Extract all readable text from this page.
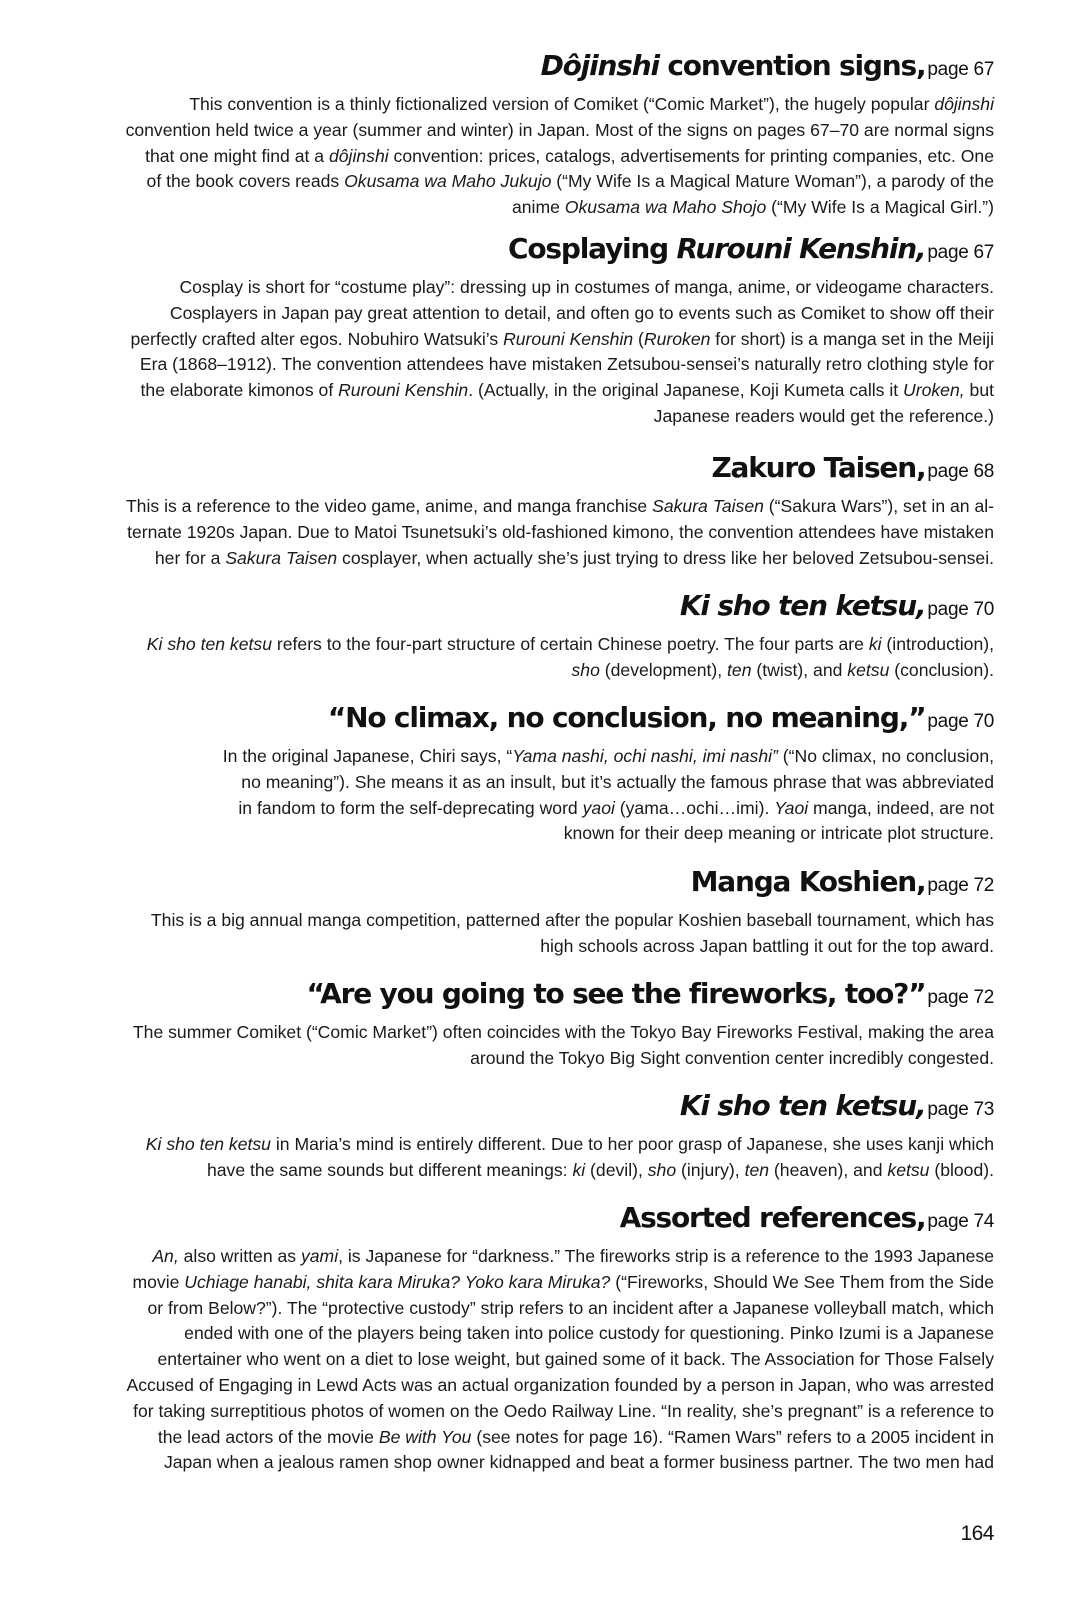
Dôjinshi convention signs, page 67
This convention is a thinly fictionalized version of Comiket (“Comic Market”), the hugely popular dôjinshi
convention held twice a year (summer and winter) in Japan. Most of the signs on pages 67–70 are normal signs
that one might find at a dôjinshi convention: prices, catalogs, advertisements for printing companies, etc. One
of the book covers reads Okusama wa Maho Jukujo (“My Wife Is a Magical Mature Woman”), a parody of the
anime Okusama wa Maho Shojo (“My Wife Is a Magical Girl.”)
Cosplaying Rurouni Kenshin, page 67
Cosplay is short for “costume play”: dressing up in costumes of manga, anime, or videogame characters.
Cosplayers in Japan pay great attention to detail, and often go to events such as Comiket to show off their
perfectly crafted alter egos. Nobuhiro Watsuki’s Rurouni Kenshin (Ruroken for short) is a manga set in the Meiji
Era (1868–1912). The convention attendees have mistaken Zetsubou-sensei’s naturally retro clothing style for
the elaborate kimonos of Rurouni Kenshin. (Actually, in the original Japanese, Koji Kumeta calls it Uroken, but
Japanese readers would get the reference.)
Zakuro Taisen, page 68
This is a reference to the video game, anime, and manga franchise Sakura Taisen (“Sakura Wars”), set in an al-
ternate 1920s Japan. Due to Matoi Tsunetsuki’s old-fashioned kimono, the convention attendees have mistaken
her for a Sakura Taisen cosplayer, when actually she’s just trying to dress like her beloved Zetsubou-sensei.
Ki sho ten ketsu, page 70
Ki sho ten ketsu refers to the four-part structure of certain Chinese poetry. The four parts are ki (introduction),
sho (development), ten (twist), and ketsu (conclusion).
“No climax, no conclusion, no meaning,” page 70
In the original Japanese, Chiri says, “Yama nashi, ochi nashi, imi nashi” (“No climax, no conclusion,
no meaning”). She means it as an insult, but it’s actually the famous phrase that was abbreviated
in fandom to form the self-deprecating word yaoi (yama…ochi…imi). Yaoi manga, indeed, are not
known for their deep meaning or intricate plot structure.
Manga Koshien, page 72
This is a big annual manga competition, patterned after the popular Koshien baseball tournament, which has
high schools across Japan battling it out for the top award.
“Are you going to see the fireworks, too?” page 72
The summer Comiket (“Comic Market”) often coincides with the Tokyo Bay Fireworks Festival, making the area
around the Tokyo Big Sight convention center incredibly congested.
Ki sho ten ketsu, page 73
Ki sho ten ketsu in Maria’s mind is entirely different. Due to her poor grasp of Japanese, she uses kanji which
have the same sounds but different meanings: ki (devil), sho (injury), ten (heaven), and ketsu (blood).
Assorted references, page 74
An, also written as yami, is Japanese for “darkness.” The fireworks strip is a reference to the 1993 Japanese
movie Uchiage hanabi, shita kara Miruka? Yoko kara Miruka? (“Fireworks, Should We See Them from the Side
or from Below?”). The “protective custody” strip refers to an incident after a Japanese volleyball match, which
ended with one of the players being taken into police custody for questioning. Pinko Izumi is a Japanese
entertainer who went on a diet to lose weight, but gained some of it back. The Association for Those Falsely
Accused of Engaging in Lewd Acts was an actual organization founded by a person in Japan, who was arrested
for taking surreptitious photos of women on the Oedo Railway Line. “In reality, she’s pregnant” is a reference to
the lead actors of the movie Be with You (see notes for page 16). “Ramen Wars” refers to a 2005 incident in
Japan when a jealous ramen shop owner kidnapped and beat a former business partner. The two men had
164
